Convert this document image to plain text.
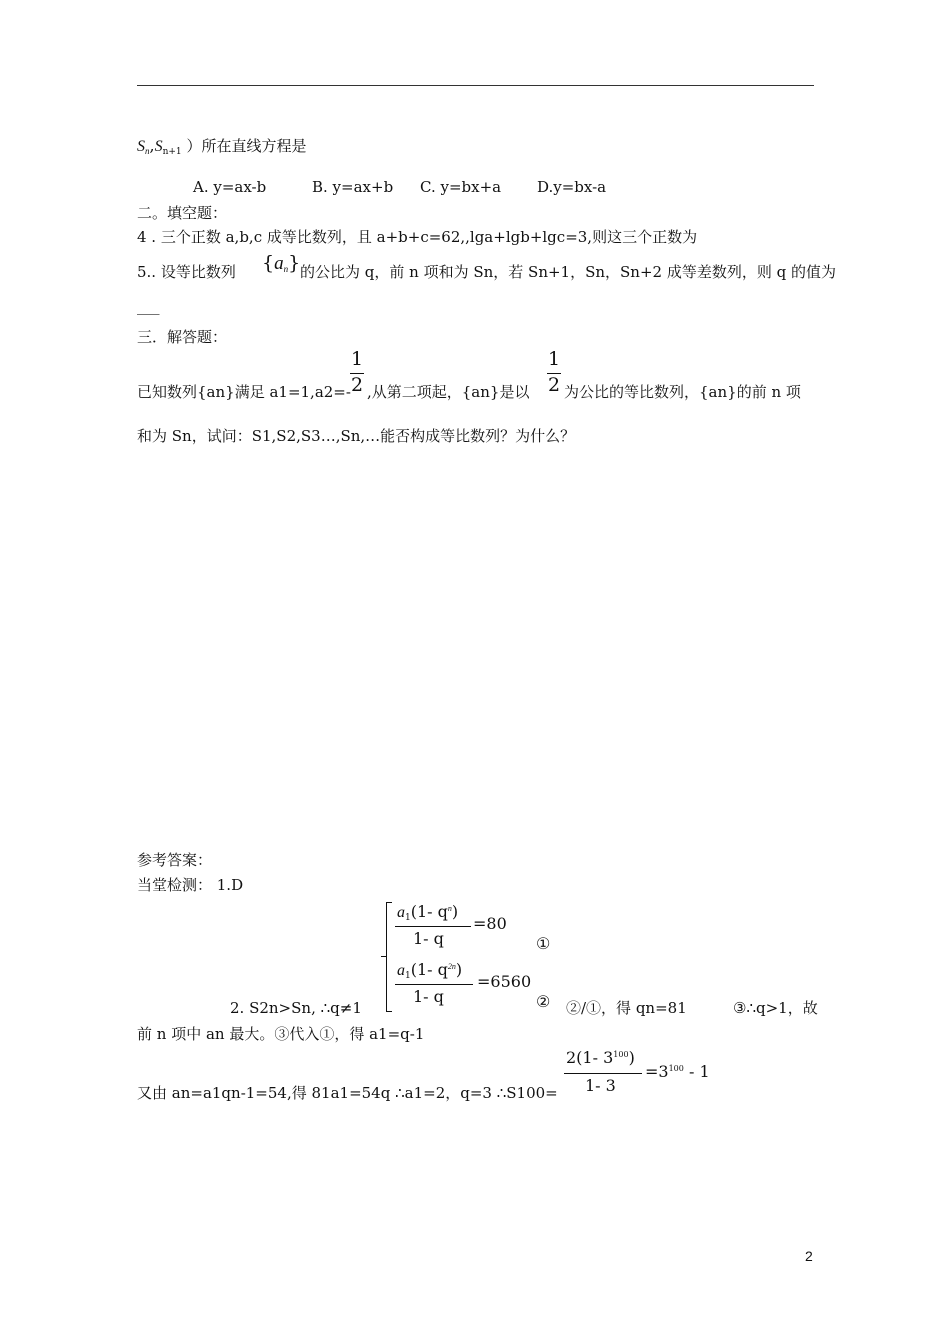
$S_n,S_{n+1}$ ）所在直线方程是
A. y=ax-b	B. y=ax+b C. y=bx+a D.y=bx-a
二。填空题：
4 . 三个正数 a,b,c 成等比数列，且 a+b+c=62,,lga+lgb+lgc=3,则这三个正数为
5.. 设等比数列 {an} 的公比为 q，前 n 项和为 Sn，若 Sn+1，Sn，Sn+2 成等差数列，则 q 的值为
___
三．解答题：
已知数列{an}满足 a1=1,a2=-
1
2 ,从第二项起，{an}是以
1
2 为公比的等比数列，{an}的前 n 项
和为 Sn，试问：S1,S2,S3…,Sn,…能否构成等比数列？为什么？
参考答案：
当堂检测： 1.D
a1(1- $q^n$)
1- q
=80
①
a1(1- $q^{2n}$)
1- q
=6560
②
2. S2n>Sn, ∴q≠1	②/①，得 qn=81	③∴q>1，故
前 n 项中 an 最大。③代入①，得 a1=q-1
又由 an=a1qn-1=54,得 81a1=54q ∴a1=2，q=3 ∴S100=
2(1- $3^{100}$)
1- 3
$=3^{100} - 1$
2
